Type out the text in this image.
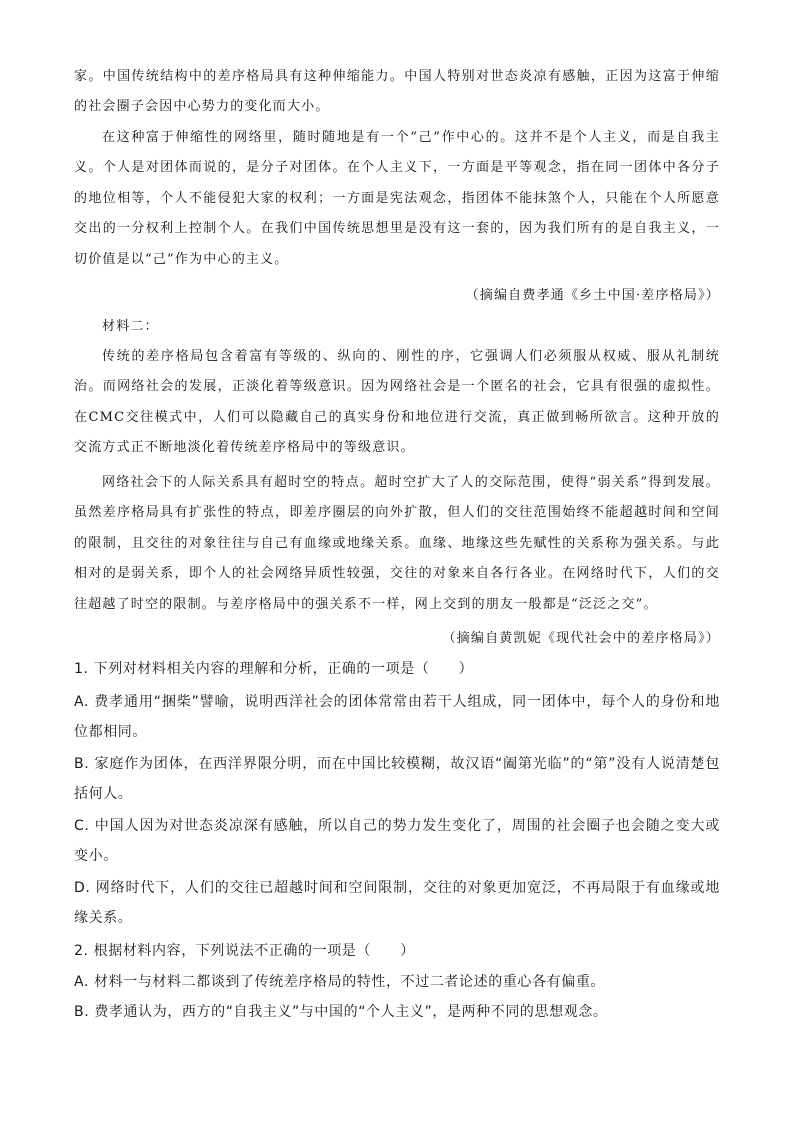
家。中国传统结构中的差序格局具有这种伸缩能力。中国人特别对世态炎凉有感触，正因为这富于伸缩的社会圈子会因中心势力的变化而大小。

在这种富于伸缩性的网络里，随时随地是有一个“己”作中心的。这并不是个人主义，而是自我主义。个人是对团体而说的，是分子对团体。在个人主义下，一方面是平等观念，指在同一团体中各分子的地位相等，个人不能侵犯大家的权利；一方面是宪法观念，指团体不能抹煞个人，只能在个人所愿意交出的一分权利上控制个人。在我们中国传统思想里是没有这一套的，因为我们所有的是自我主义，一切价值是以“己”作为中心的主义。

（摘编自费孝通《乡土中国·差序格局》）

材料二：

传统的差序格局包含着富有等级的、纵向的、刚性的序，它强调人们必须服从权威、服从礼制统治。而网络社会的发展，正淡化着等级意识。因为网络社会是一个匿名的社会，它具有很强的虚拟性。在CMC交往模式中，人们可以隐藏自己的真实身份和地位进行交流，真正做到畅所欲言。这种开放的交流方式正不断地淡化着传统差序格局中的等级意识。

网络社会下的人际关系具有超时空的特点。超时空扩大了人的交际范围，使得“弱关系”得到发展。虽然差序格局具有扩张性的特点，即差序圈层的向外扩散，但人们的交往范围始终不能超越时间和空间的限制，且交往的对象往往与自己有血缘或地缘关系。血缘、地缘这些先赋性的关系称为强关系。与此相对的是弱关系，即个人的社会网络异质性较强，交往的对象来自各行各业。在网络时代下，人们的交往超越了时空的限制。与差序格局中的强关系不一样，网上交到的朋友一般都是“泛泛之交”。

（摘编自黄凯妮《现代社会中的差序格局》）

1. 下列对材料相关内容的理解和分析，正确的一项是（　　）

A. 费孝通用“捆柴”譬喻，说明西洋社会的团体常常由若干人组成，同一团体中，每个人的身份和地位都相同。

B. 家庭作为团体，在西洋界限分明，而在中国比较模糊，故汉语“阖第光临”的“第”没有人说清楚包括何人。

C. 中国人因为对世态炎凉深有感触，所以自己的势力发生变化了，周围的社会圈子也会随之变大或变小。

D. 网络时代下，人们的交往已超越时间和空间限制，交往的对象更加宽泛，不再局限于有血缘或地缘关系。

2. 根据材料内容，下列说法不正确的一项是（　　）

A. 材料一与材料二都谈到了传统差序格局的特性，不过二者论述的重心各有偏重。

B. 费孝通认为，西方的“自我主义”与中国的“个人主义”，是两种不同的思想观念。
